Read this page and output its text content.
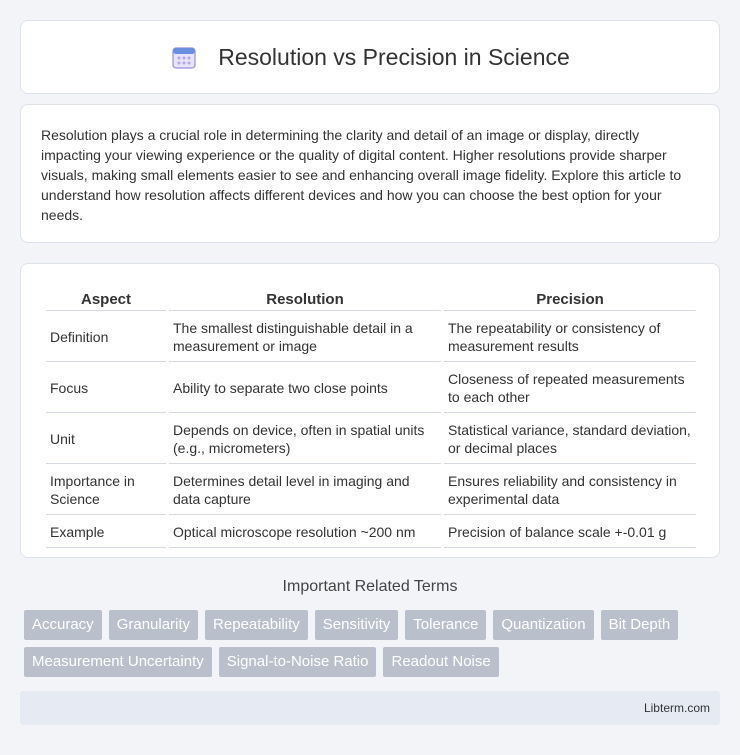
Resolution vs Precision in Science

Resolution plays a crucial role in determining the clarity and detail of an image or display, directly impacting your viewing experience or the quality of digital content. Higher resolutions provide sharper visuals, making small elements easier to see and enhancing overall image fidelity. Explore this article to understand how resolution affects different devices and how you can choose the best option for your needs.

Aspect	Resolution	Precision
Definition	The smallest distinguishable detail in a measurement or image	The repeatability or consistency of measurement results
Focus	Ability to separate two close points	Closeness of repeated measurements to each other
Unit	Depends on device, often in spatial units (e.g., micrometers)	Statistical variance, standard deviation, or decimal places
Importance in Science	Determines detail level in imaging and data capture	Ensures reliability and consistency in experimental data
Example	Optical microscope resolution ~200 nm	Precision of balance scale +-0.01 g
Important Related Terms
Accuracy	Granularity	Repeatability	Sensitivity	Tolerance	Quantization	Bit Depth
Measurement Uncertainty	Signal-to-Noise Ratio	Readout Noise
Libterm.com
